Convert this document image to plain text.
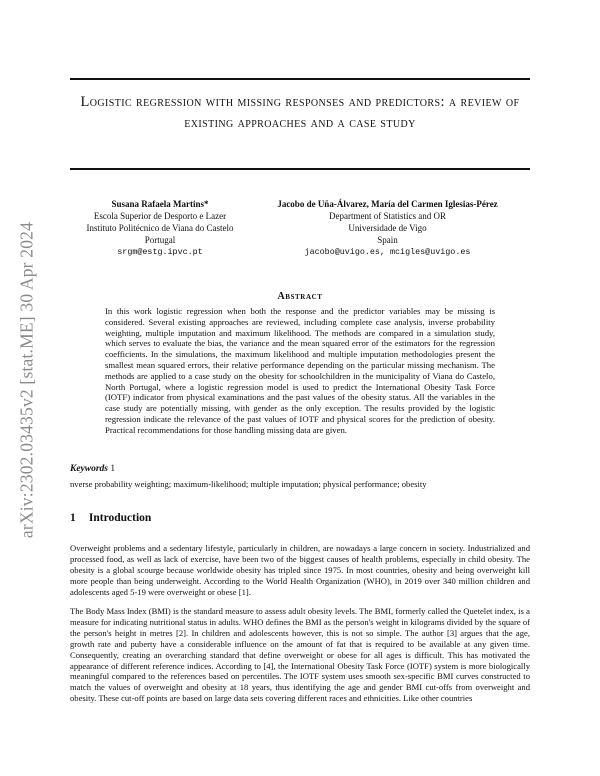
arXiv:2302.03435v2 [stat.ME] 30 Apr 2024
Logistic regression with missing responses and predictors: a review of existing approaches and a case study
Susana Rafaela Martins*
Escola Superior de Desporto e Lazer
Instituto Politécnico de Viana do Castelo
Portugal
srgm@estg.ipvc.pt
Jacobo de Uña-Álvarez, María del Carmen Iglesias-Pérez
Department of Statistics and OR
Universidade de Vigo
Spain
jacobo@uvigo.es, mcigles@uvigo.es
Abstract
In this work logistic regression when both the response and the predictor variables may be missing is considered. Several existing approaches are reviewed, including complete case analysis, inverse probability weighting, multiple imputation and maximum likelihood. The methods are compared in a simulation study, which serves to evaluate the bias, the variance and the mean squared error of the estimators for the regression coefficients. In the simulations, the maximum likelihood and multiple imputation methodologies present the smallest mean squared errors, their relative performance depending on the particular missing mechanism. The methods are applied to a case study on the obesity for schoolchildren in the municipality of Viana do Castelo, North Portugal, where a logistic regression model is used to predict the International Obesity Task Force (IOTF) indicator from physical examinations and the past values of the obesity status. All the variables in the case study are potentially missing, with gender as the only exception. The results provided by the logistic regression indicate the relevance of the past values of IOTF and physical scores for the prediction of obesity. Practical recommendations for those handling missing data are given.
Keywords 1
nverse probability weighting; maximum-likelihood; multiple imputation; physical performance; obesity
1 Introduction
Overweight problems and a sedentary lifestyle, particularly in children, are nowadays a large concern in society. Industrialized and processed food, as well as lack of exercise, have been two of the biggest causes of health problems, especially in child obesity. The obesity is a global scourge because worldwide obesity has tripled since 1975. In most countries, obesity and being overweight kill more people than being underweight. According to the World Health Organization (WHO), in 2019 over 340 million children and adolescents aged 5-19 were overweight or obese [1].
The Body Mass Index (BMI) is the standard measure to assess adult obesity levels. The BMI, formerly called the Quetelet index, is a measure for indicating nutritional status in adults. WHO defines the BMI as the person's weight in kilograms divided by the square of the person's height in metres [2]. In children and adolescents however, this is not so simple. The author [3] argues that the age, growth rate and puberty have a considerable influence on the amount of fat that is required to be available at any given time. Consequently, creating an overarching standard that define overweight or obese for all ages is difficult. This has motivated the appearance of different reference indices. According to [4], the International Obesity Task Force (IOTF) system is more biologically meaningful compared to the references based on percentiles. The IOTF system uses smooth sex-specific BMI curves constructed to match the values of overweight and obesity at 18 years, thus identifying the age and gender BMI cut-offs from overweight and obesity. These cut-off points are based on large data sets covering different races and ethnicities. Like other countries
